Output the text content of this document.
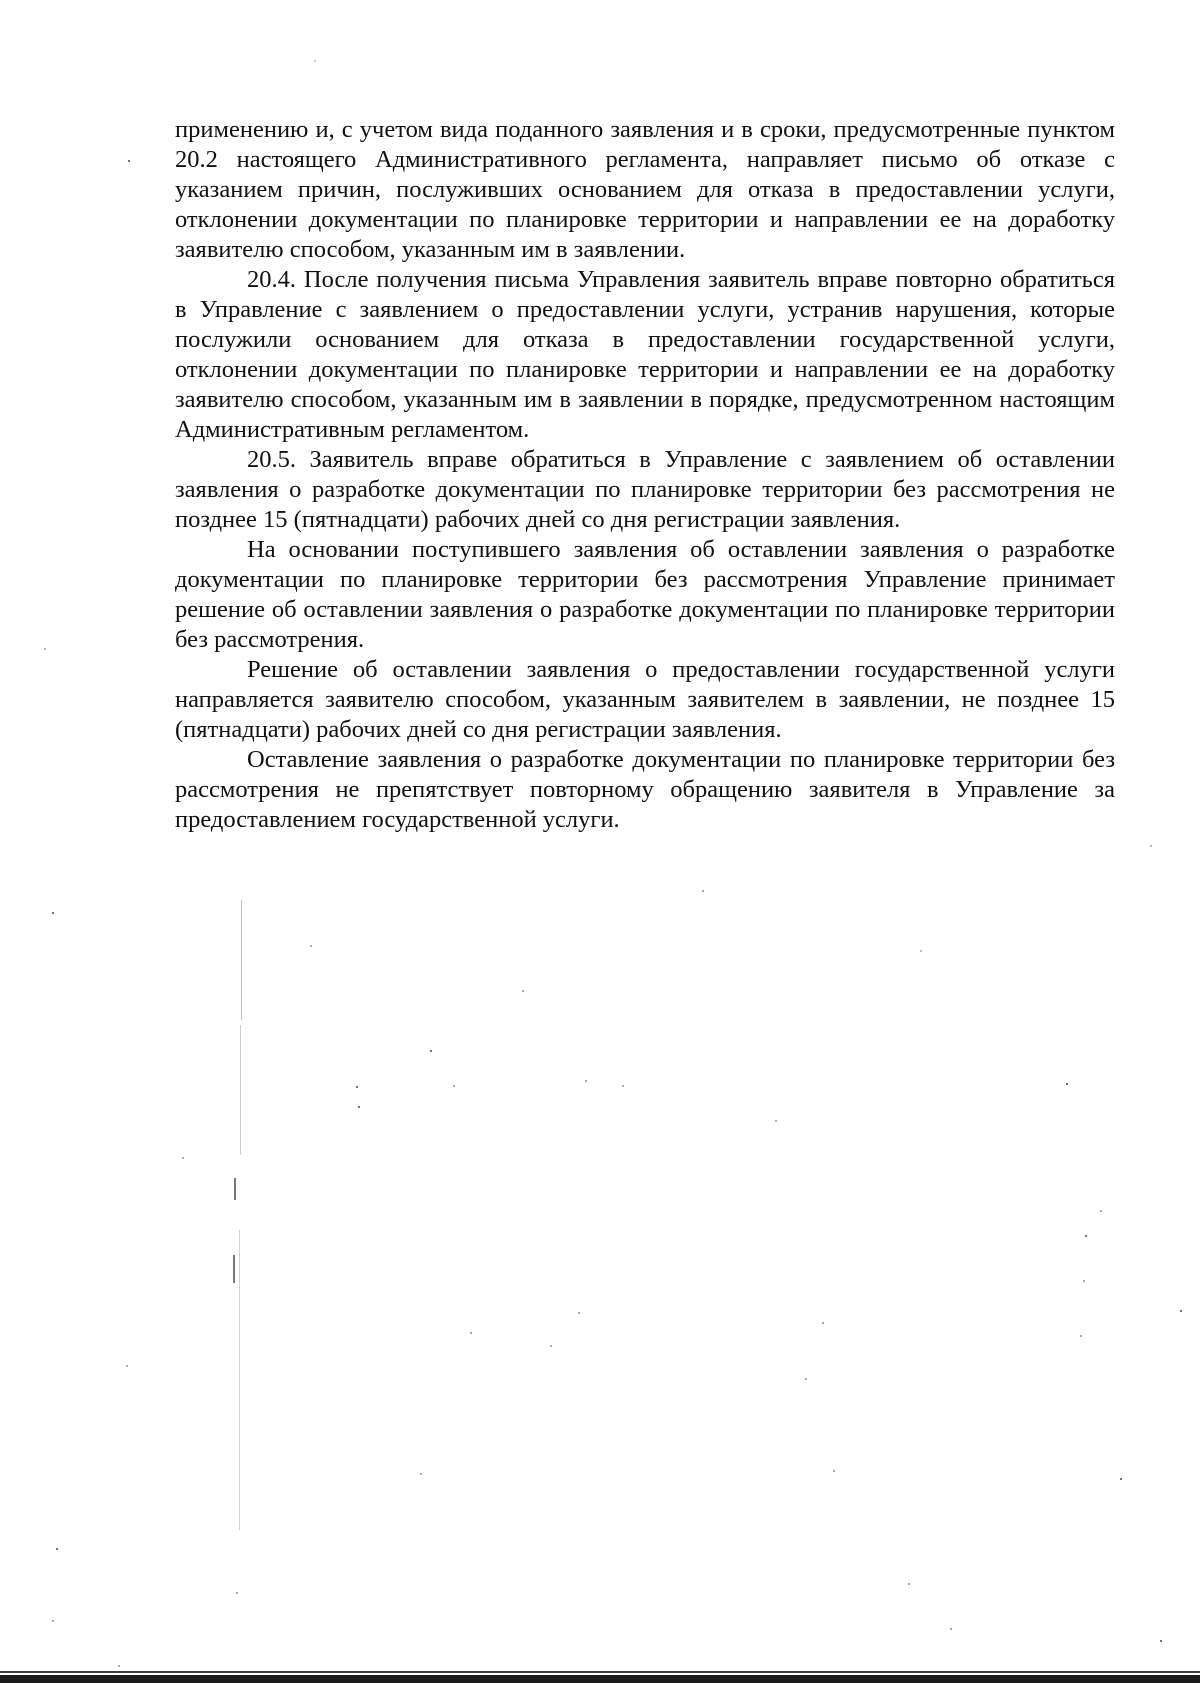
применению и, с учетом вида поданного заявления и в сроки, предусмотренные пунктом 20.2 настоящего Административного регламента, направляет письмо об отказе с указанием причин, послуживших основанием для отказа в предоставлении услуги, отклонении документации по планировке территории и направлении ее на доработку заявителю способом, указанным им в заявлении.

20.4. После получения письма Управления заявитель вправе повторно обратиться в Управление с заявлением о предоставлении услуги, устранив нарушения, которые послужили основанием для отказа в предоставлении государственной услуги, отклонении документации по планировке территории и направлении ее на доработку заявителю способом, указанным им в заявлении в порядке, предусмотренном настоящим Административным регламентом.

20.5. Заявитель вправе обратиться в Управление с заявлением об оставлении заявления о разработке документации по планировке территории без рассмотрения не позднее 15 (пятнадцати) рабочих дней со дня регистрации заявления.

На основании поступившего заявления об оставлении заявления о разработке документации по планировке территории без рассмотрения Управление принимает решение об оставлении заявления о разработке документации по планировке территории без рассмотрения.

Решение об оставлении заявления о предоставлении государственной услуги направляется заявителю способом, указанным заявителем в заявлении, не позднее 15 (пятнадцати) рабочих дней со дня регистрации заявления.

Оставление заявления о разработке документации по планировке территории без рассмотрения не препятствует повторному обращению заявителя в Управление за предоставлением государственной услуги.
